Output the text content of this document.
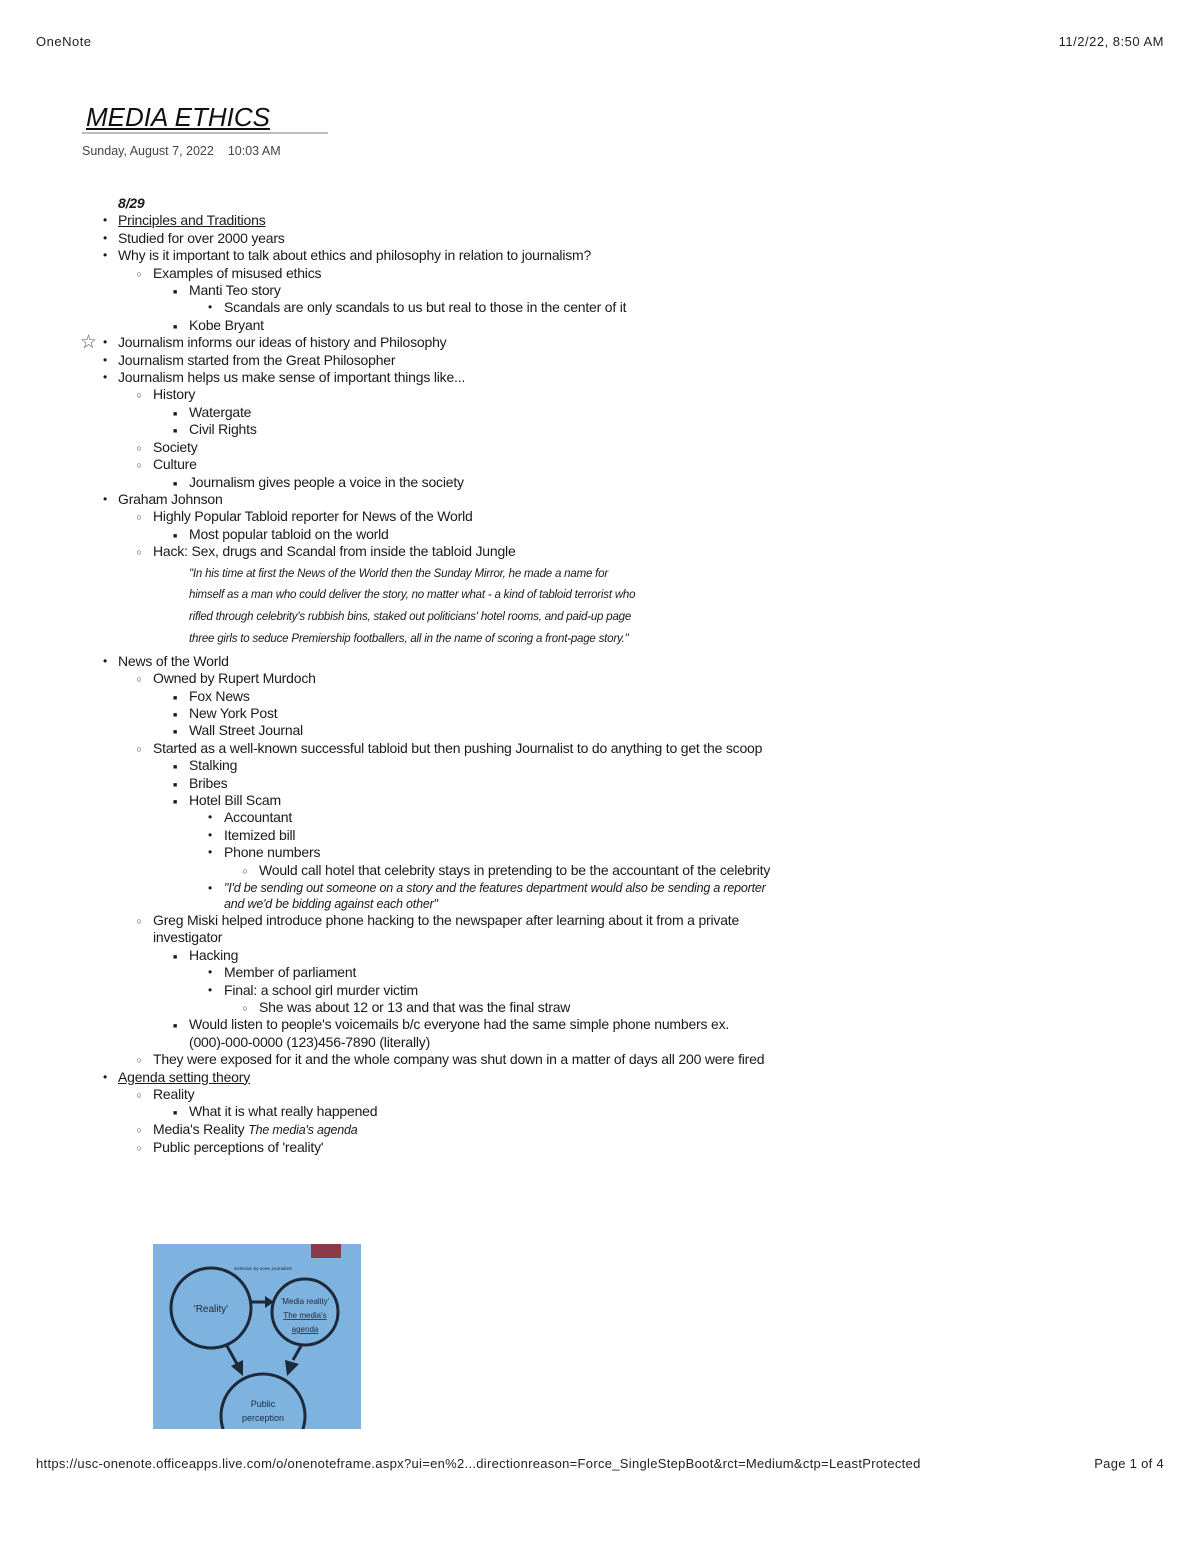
OneNote	11/2/22, 8:50 AM
MEDIA ETHICS
Sunday, August 7, 2022 10:03 AM
☆
8/29
• Principles and Traditions
• Studied for over 2000 years
• Why is it important to talk about ethics and philosophy in relation to journalism?
○ Examples of misused ethics
■ Manti Teo story
• Scandals are only scandals to us but real to those in the center of it
■ Kobe Bryant
• Journalism informs our ideas of history and Philosophy
• Journalism started from the Great Philosopher
• Journalism helps us make sense of important things like...
○ History
■ Watergate
■ Civil Rights
○ Society
○ Culture
■ Journalism gives people a voice in the society
• Graham Johnson
○ Highly Popular Tabloid reporter for News of the World
■ Most popular tabloid on the world
○ Hack: Sex, drugs and Scandal from inside the tabloid Jungle
"In his time at first the News of the World then the Sunday Mirror, he made a name for himself as a man who could deliver the story, no matter what - a kind of tabloid terrorist who rifled through celebrity's rubbish bins, staked out politicians' hotel rooms, and paid-up page three girls to seduce Premiership footballers, all in the name of scoring a front-page story."
• News of the World
○ Owned by Rupert Murdoch
■ Fox News
■ New York Post
■ Wall Street Journal
○ Started as a well-known successful tabloid but then pushing Journalist to do anything to get the scoop
■ Stalking
■ Bribes
■ Hotel Bill Scam
• Accountant
• Itemized bill
• Phone numbers
○ Would call hotel that celebrity stays in pretending to be the accountant of the celebrity
• "I'd be sending out someone on a story and the features department would also be sending a reporter and we'd be bidding against each other"
○ Greg Miski helped introduce phone hacking to the newspaper after learning about it from a private investigator
■ Hacking
• Member of parliament
• Final: a school girl murder victim
○ She was about 12 or 13 and that was the final straw
■ Would listen to people's voicemails b/c everyone had the same simple phone numbers ex. (000)-000-0000 (123)456-7890 (literally)
○ They were exposed for it and the whole company was shut down in a matter of days all 200 were fired
• Agenda setting theory
○ Reality
■ What it is what really happened
○ Media's Reality The media's agenda
○ Public perceptions of 'reality'
Selection by news journalists
'Reality'
'Media reality'
The media's
agenda
Public
perception
https://usc-onenote.officeapps.live.com/o/onenoteframe.aspx?ui=en%2...directionreason=Force_SingleStepBoot&rct=Medium&ctp=LeastProtected	Page 1 of 4
